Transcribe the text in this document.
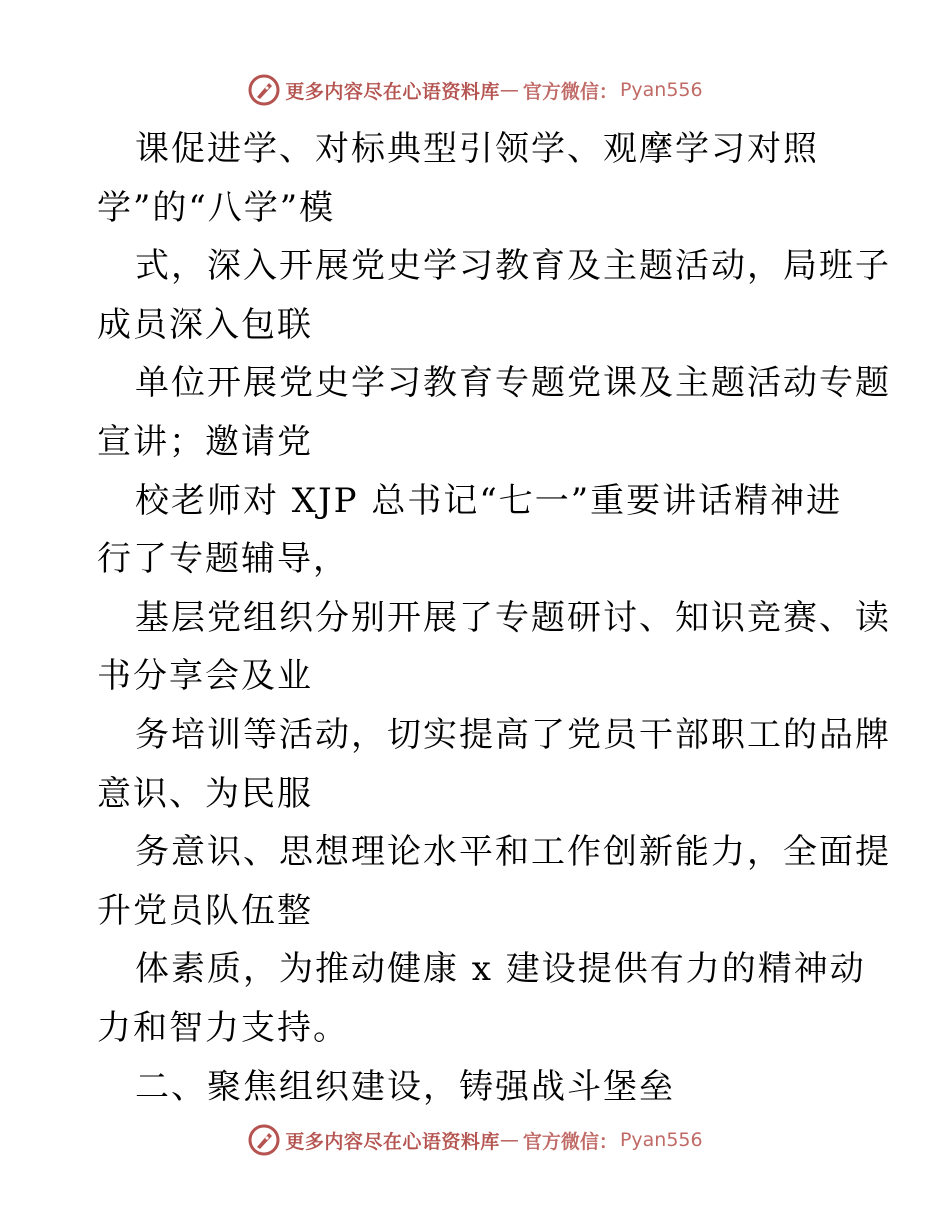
更多内容尽在心语资料库 — 官方微信： Pyan556
课促进学、对标典型引领学、观摩学习对照
学”的“八学”模
式，深入开展党史学习教育及主题活动，局班子
成员深入包联
单位开展党史学习教育专题党课及主题活动专题
宣讲；邀请党
校老师对 XJP 总书记“七一”重要讲话精神进
行了专题辅导，
基层党组织分别开展了专题研讨、知识竞赛、读
书分享会及业
务培训等活动，切实提高了党员干部职工的品牌
意识、为民服
务意识、思想理论水平和工作创新能力，全面提
升党员队伍整
体素质，为推动健康 x 建设提供有力的精神动
力和智力支持。
二、聚焦组织建设，铸强战斗堡垒
更多内容尽在心语资料库 — 官方微信： Pyan556
